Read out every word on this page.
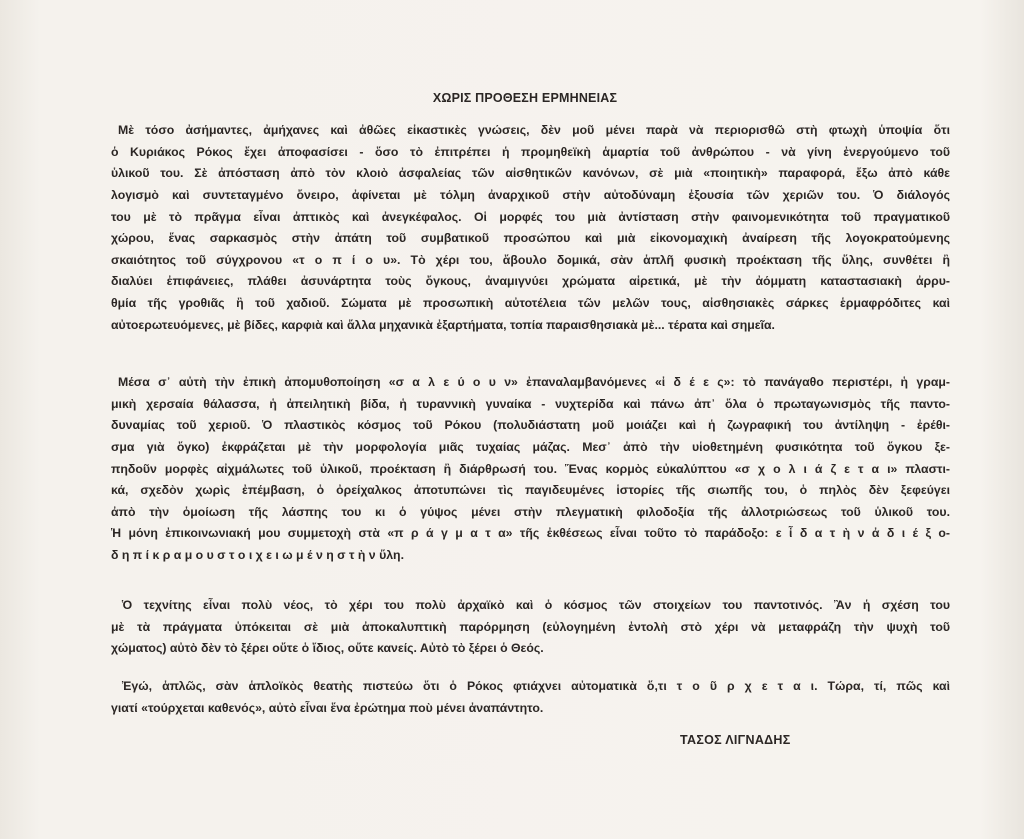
ΧΩΡΙΣ ΠΡΟΘΕΣΗ ΕΡΜΗΝΕΙΑΣ
Μὲ τόσο ἀσήμαντες, ἀμήχανες καὶ ἀθῶες εἰκαστικὲς γνώσεις, δὲν μοῦ μένει παρὰ νὰ περιορισθῶ στὴ φτωχὴ ὑποψία ὅτι
ὁ Κυριάκος Ρόκος ἔχει ἀποφασίσει - ὅσο τὸ ἐπιτρέπει ἡ προμηθεϊκὴ ἁμαρτία τοῦ ἀνθρώπου - νὰ γίνη ἐνεργούμενο τοῦ
ὑλικοῦ του. Σὲ ἀπόσταση ἀπὸ τὸν κλοιὸ ἀσφαλείας τῶν αἰσθητικῶν κανόνων, σὲ μιὰ «ποιητικὴ» παραφορά, ἔξω ἀπὸ κάθε
λογισμὸ καὶ συντεταγμένο ὄνειρο, ἀφίνεται μὲ τόλμη ἀναρχικοῦ στὴν αὐτοδύναμη ἐξουσία τῶν χεριῶν του. Ὁ διάλογός
του μὲ τὸ πρᾶγμα εἶναι ἀπτικὸς καὶ ἀνεγκέφαλος. Οἱ μορφές του μιὰ ἀντίσταση στὴν φαινομενικότητα τοῦ πραγματικοῦ
χώρου, ἕνας σαρκασμὸς στὴν ἀπάτη τοῦ συμβατικοῦ προσώπου καὶ μιὰ εἰκονομαχικὴ ἀναίρεση τῆς λογοκρατούμενης
σκαιότητος τοῦ σύγχρονου «τ ο π ί ο υ». Τὸ χέρι του, ἄβουλο δομικά, σὰν ἁπλῆ φυσικὴ προέκταση τῆς ὕλης, συνθέτει ἢ
διαλύει ἐπιφάνειες, πλάθει ἀσυνάρτητα τοὺς ὄγκους, ἀναμιγνύει χρώματα αἱρετικά, μὲ τὴν ἀόμματη καταστασιακὴ ἀρρυ-
θμία τῆς γροθιᾶς ἢ τοῦ χαδιοῦ. Σώματα μὲ προσωπικὴ αὐτοτέλεια τῶν μελῶν τους, αἰσθησιακὲς σάρκες ἑρμαφρόδιτες καὶ
αὐτοερωτευόμενες, μὲ βίδες, καρφιὰ καὶ ἄλλα μηχανικὰ ἐξαρτήματα, τοπία παραισθησιακὰ μὲ... τέρατα καὶ σημεῖα.
Μέσα σ᾽ αὐτὴ τὴν ἐπικὴ ἀπομυθοποίηση «σ α λ ε ύ ο υ ν» ἐπαναλαμβανόμενες «ἰ δ έ ε ς»: τὸ πανάγαθο περιστέρι, ἡ γραμ-
μικὴ χερσαία θάλασσα, ἡ ἀπειλητικὴ βίδα, ἡ τυραννικὴ γυναίκα - νυχτερίδα καὶ πάνω ἀπ᾽ ὅλα ὁ πρωταγωνισμὸς τῆς παντο-
δυναμίας τοῦ χεριοῦ. Ὁ πλαστικὸς κόσμος τοῦ Ρόκου (πολυδιάστατη μοῦ μοιάζει καὶ ἡ ζωγραφική του ἀντίληψη - ἐρέθι-
σμα γιὰ ὄγκο) ἐκφράζεται μὲ τὴν μορφολογία μιᾶς τυχαίας μάζας. Μεσ᾽ ἀπὸ τὴν υἱοθετημένη φυσικότητα τοῦ ὄγκου ξε-
πηδοῦν μορφὲς αἰχμάλωτες τοῦ ὑλικοῦ, προέκταση ἢ διάρθρωσή του. Ἕνας κορμὸς εὐκαλύπτου «σ χ ο λ ι ά ζ ε τ α ι» πλαστι-
κά, σχεδὸν χωρὶς ἐπέμβαση, ὁ ὀρείχαλκος ἀποτυπώνει τὶς παγιδευμένες ἱστορίες τῆς σιωπῆς του, ὁ πηλὸς δὲν ξεφεύγει
ἀπὸ τὴν ὁμοίωση τῆς λάσπης του κι ὁ γύψος μένει στὴν πλεγματικὴ φιλοδοξία τῆς ἀλλοτριώσεως τοῦ ὑλικοῦ του.
Ἡ μόνη ἐπικοινωνιακή μου συμμετοχὴ στὰ «π ρ ά γ μ α τ α» τῆς ἐκθέσεως εἶναι τοῦτο τὸ παράδοξο: ε ἶ δ α τ ὴ ν ἀ δ ι έ ξ ο-
δ η π ί κ ρ α μ ο υ σ τ ο ι χ ε ι ω μ έ ν η σ τ ὴ ν ὕλη.
Ὁ τεχνίτης εἶναι πολὺ νέος, τὸ χέρι του πολὺ ἀρχαϊκὸ καὶ ὁ κόσμος τῶν στοιχείων του παντοτινός. Ἂν ἡ σχέση του
μὲ τὰ πράγματα ὑπόκειται σὲ μιὰ ἀποκαλυπτικὴ παρόρμηση (εὐλογημένη ἐντολὴ στὸ χέρι νὰ μεταφράζη τὴν ψυχὴ τοῦ
χώματος) αὐτὸ δὲν τὸ ξέρει οὔτε ὁ ἴδιος, οὔτε κανείς. Αὐτὸ τὸ ξέρει ὁ Θεός.
Ἐγώ, ἁπλῶς, σὰν ἁπλοϊκὸς θεατὴς πιστεύω ὅτι ὁ Ρόκος φτιάχνει αὐτοματικὰ ὅ,τι τ ο ῦ ρ χ ε τ α ι. Τώρα, τί, πῶς καὶ
γιατί «τούρχεται καθενός», αὐτὸ εἶναι ἕνα ἐρώτημα ποὺ μένει ἀναπάντητο.
ΤΑΣΟΣ ΛΙΓΝΑΔΗΣ
